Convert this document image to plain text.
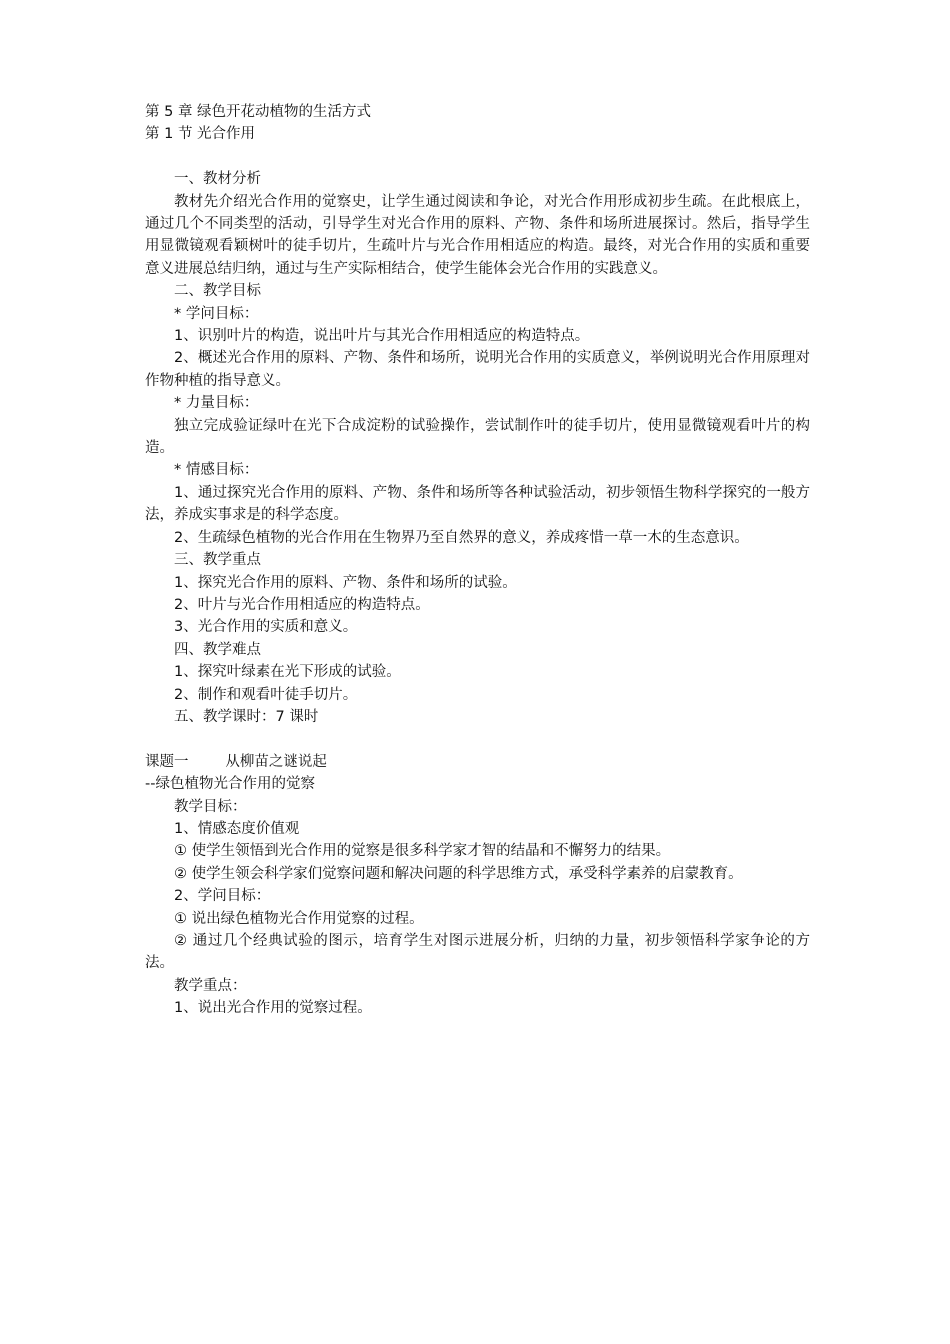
第 5 章 绿色开花动植物的生活方式

第 1 节 光合作用

一、教材分析

教材先介绍光合作用的觉察史，让学生通过阅读和争论，对光合作用形成初步生疏。在此根底上，通过几个不同类型的活动，引导学生对光合作用的原料、产物、条件和场所进展探讨。然后，指导学生用显微镜观看颖树叶的徒手切片，生疏叶片与光合作用相适应的构造。最终，对光合作用的实质和重要意义进展总结归纳，通过与生产实际相结合，使学生能体会光合作用的实践意义。

二、教学目标

* 学问目标：

1、识别叶片的构造，说出叶片与其光合作用相适应的构造特点。

2、概述光合作用的原料、产物、条件和场所，说明光合作用的实质意义，举例说明光合作用原理对作物种植的指导意义。

* 力量目标：

独立完成验证绿叶在光下合成淀粉的试验操作，尝试制作叶的徒手切片，使用显微镜观看叶片的构造。

* 情感目标：

1、通过探究光合作用的原料、产物、条件和场所等各种试验活动，初步领悟生物科学探究的一般方法，养成实事求是的科学态度。

2、生疏绿色植物的光合作用在生物界乃至自然界的意义，养成疼惜一草一木的生态意识。

三、教学重点

1、探究光合作用的原料、产物、条件和场所的试验。

2、叶片与光合作用相适应的构造特点。

3、光合作用的实质和意义。

四、教学难点

1、探究叶绿素在光下形成的试验。

2、制作和观看叶徒手切片。

五、教学课时：7 课时

课题一        从柳苗之谜说起

--绿色植物光合作用的觉察

教学目标：

1、情感态度价值观

① 使学生领悟到光合作用的觉察是很多科学家才智的结晶和不懈努力的结果。

② 使学生领会科学家们觉察问题和解决问题的科学思维方式，承受科学素养的启蒙教育。

2、学问目标：

① 说出绿色植物光合作用觉察的过程。

② 通过几个经典试验的图示，培育学生对图示进展分析，归纳的力量，初步领悟科学家争论的方法。

教学重点：

1、说出光合作用的觉察过程。
